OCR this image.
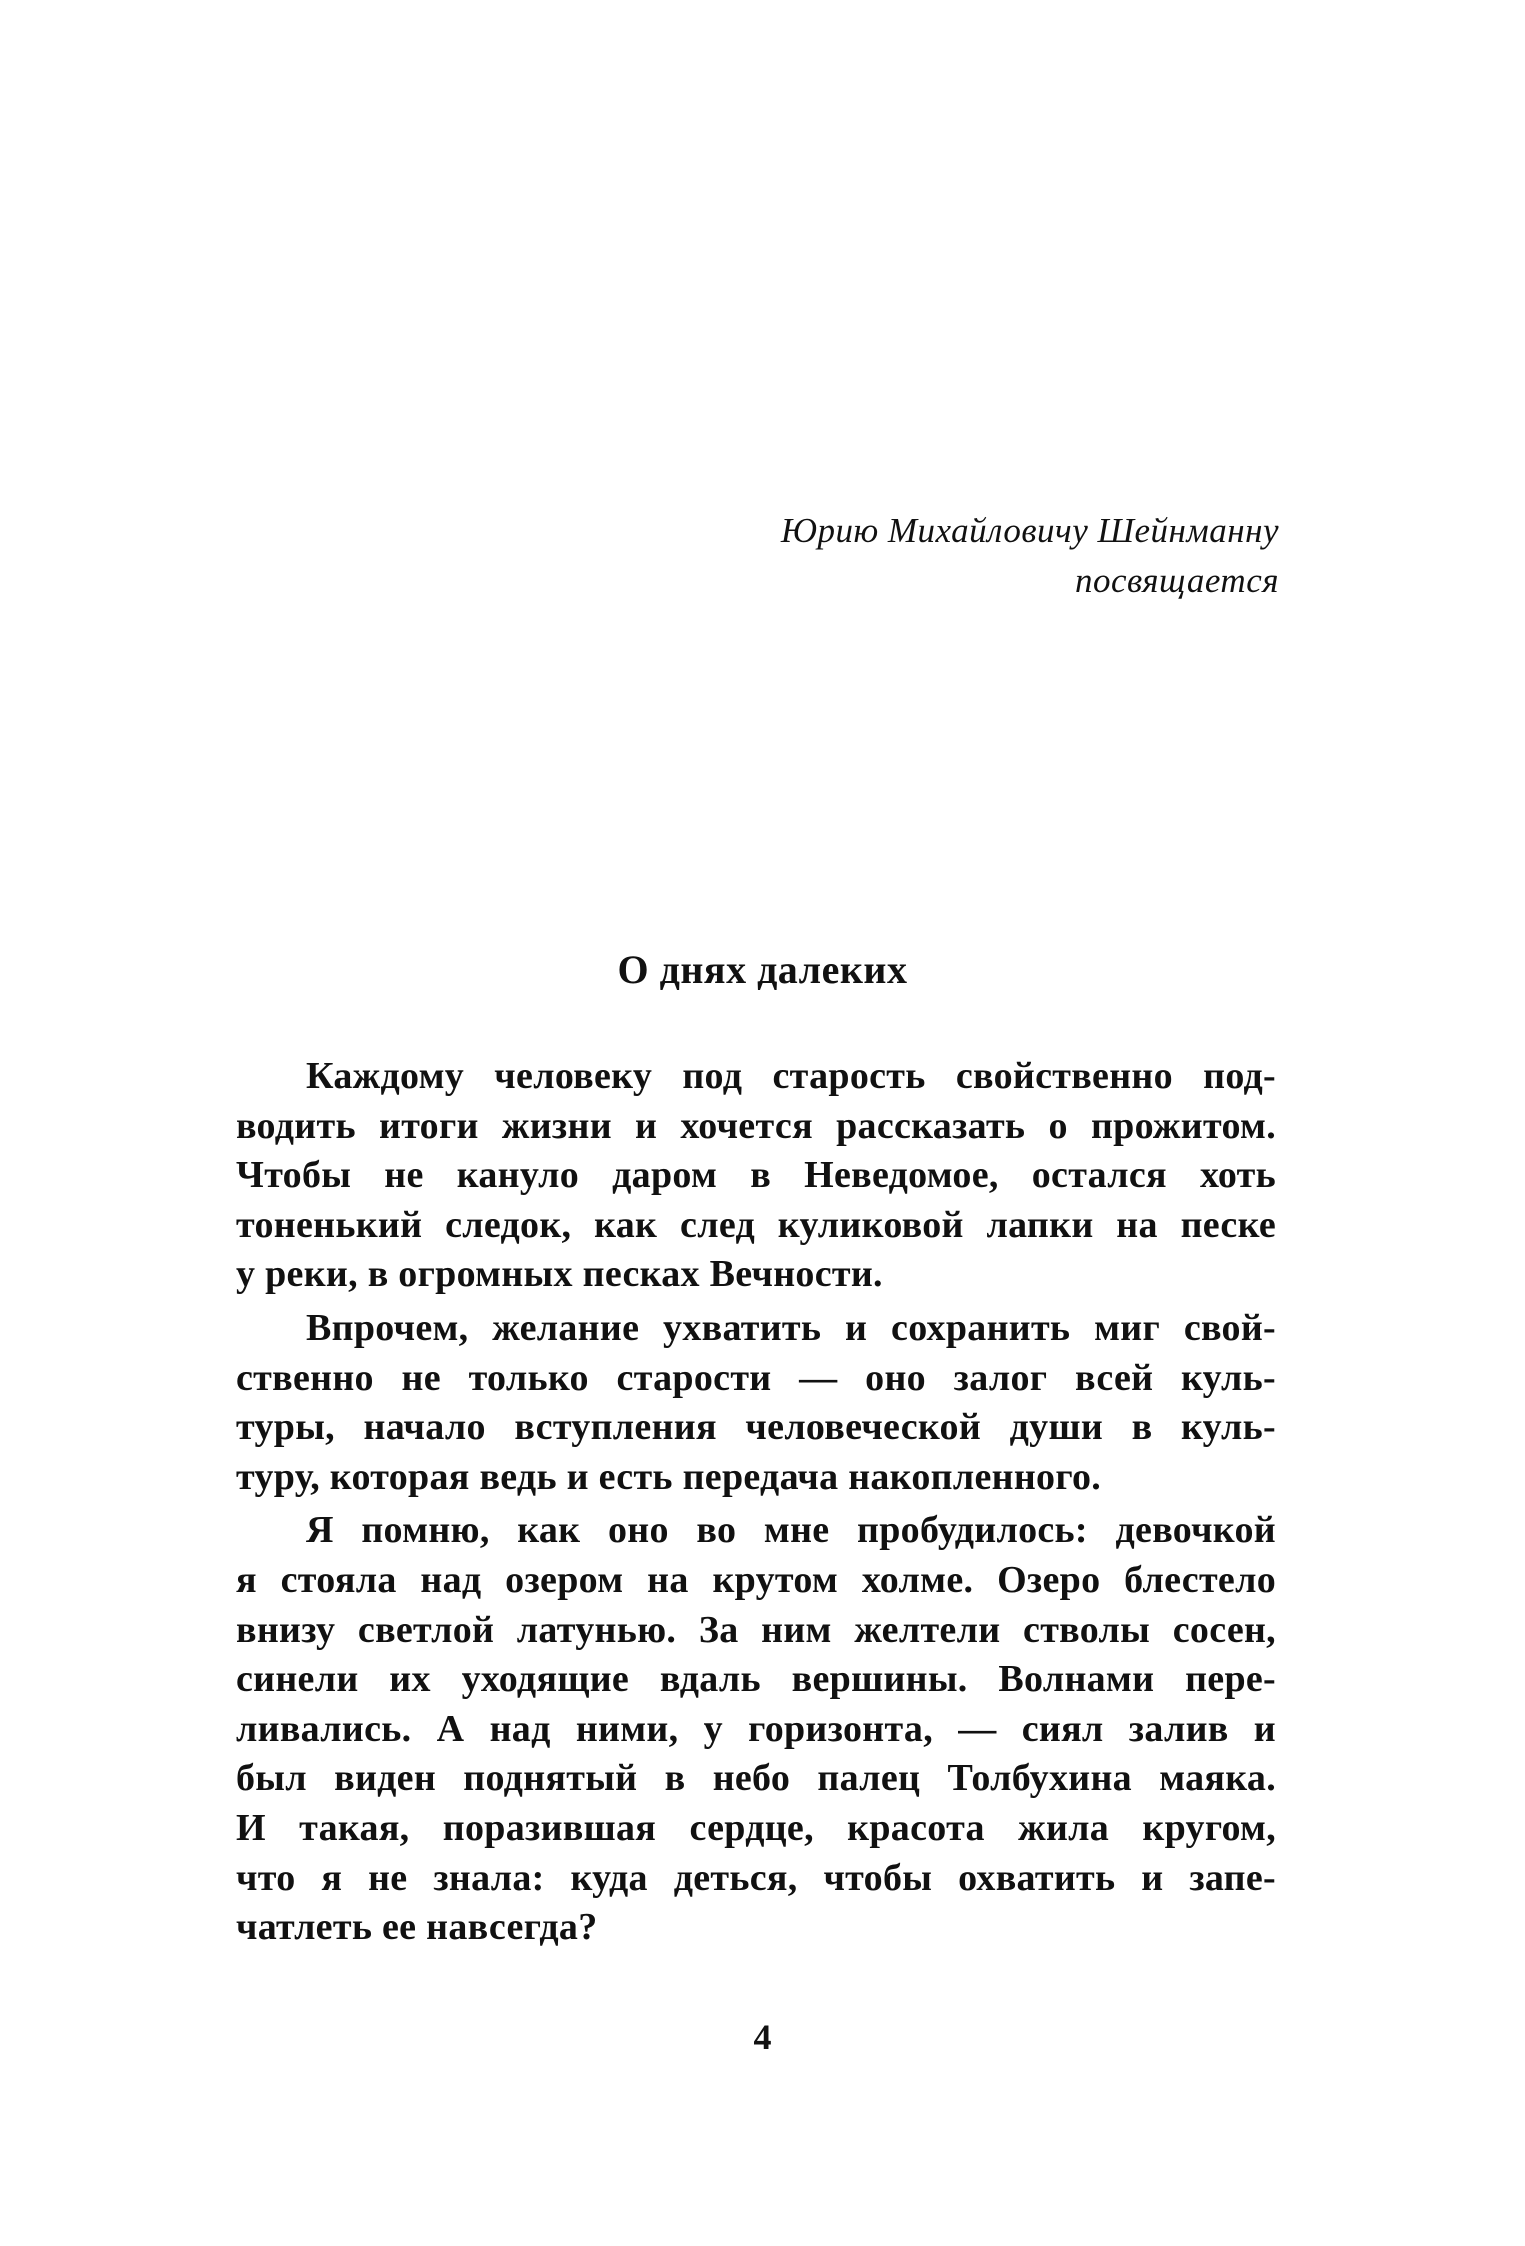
Юрию Михайловичу Шейнманну
посвящается
О днях далеких
Каждому человеку под старость свойственно под-
водить итоги жизни и хочется рассказать о прожитом.
Чтобы не кануло даром в Неведомое, остался хоть
тоненький следок, как след куликовой лапки на песке
у реки, в огромных песках Вечности.
Впрочем, желание ухватить и сохранить миг свой-
ственно не только старости — оно залог всей куль-
туры, начало вступления человеческой души в куль-
туру, которая ведь и есть передача накопленного.
Я помню, как оно во мне пробудилось: девочкой
я стояла над озером на крутом холме. Озеро блестело
внизу светлой латунью. За ним желтели стволы сосен,
синели их уходящие вдаль вершины. Волнами пере-
ливались. А над ними, у горизонта, — сиял залив и
был виден поднятый в небо палец Толбухина маяка.
И такая, поразившая сердце, красота жила кругом,
что я не знала: куда деться, чтобы охватить и запе-
чатлеть ее навсегда?
4
